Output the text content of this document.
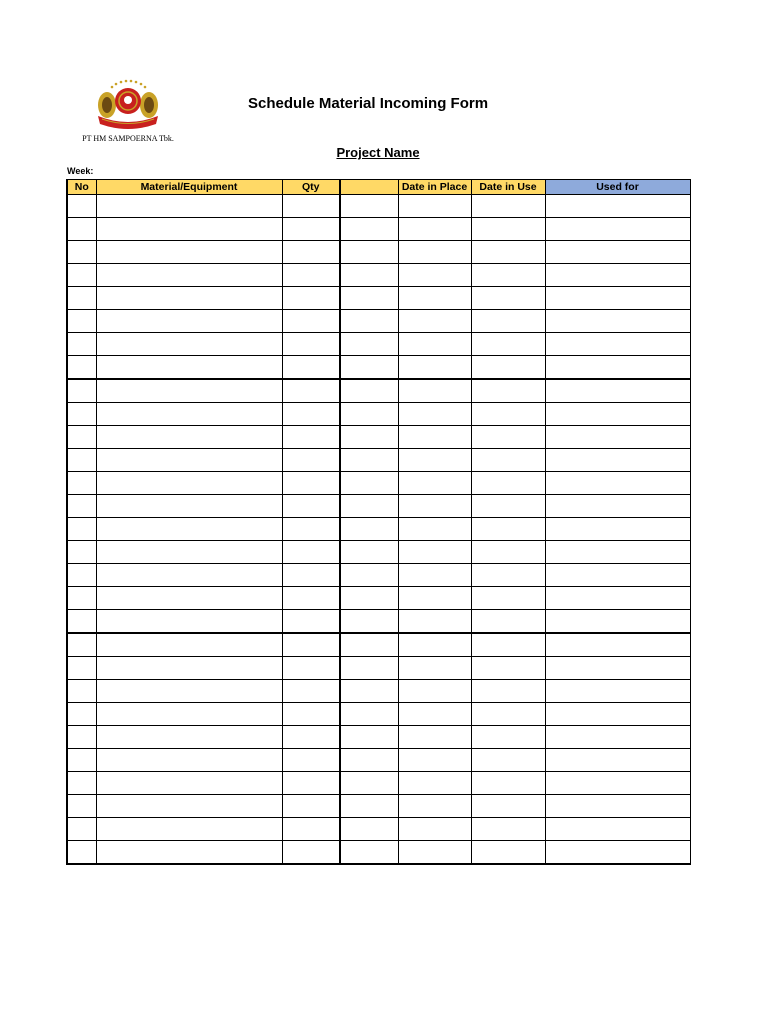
PT HM SAMPOERNA Tbk.
Schedule Material Incoming Form
Project Name
Week:
No	Material/Equipment	Qty		Date in Place	Date in Use	Used for
